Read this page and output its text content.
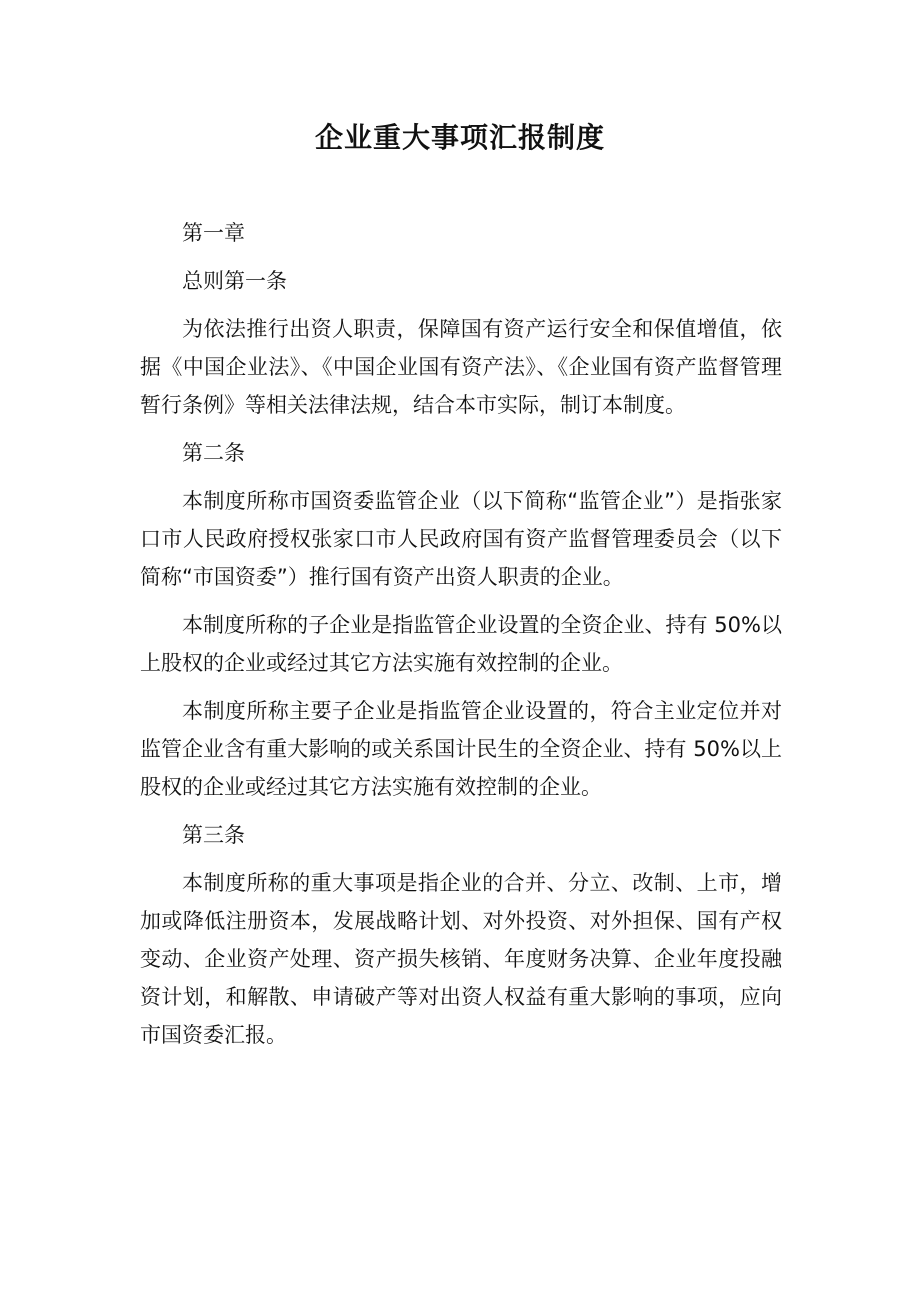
企业重大事项汇报制度

第一章

总则第一条

为依法推行出资人职责，保障国有资产运行安全和保值增值，依据《中国企业法》、《中国企业国有资产法》、《企业国有资产监督管理暂行条例》等相关法律法规，结合本市实际，制订本制度。

第二条

本制度所称市国资委监管企业（以下简称“监管企业”）是指张家口市人民政府授权张家口市人民政府国有资产监督管理委员会（以下简称“市国资委”）推行国有资产出资人职责的企业。

本制度所称的子企业是指监管企业设置的全资企业、持有 50%以上股权的企业或经过其它方法实施有效控制的企业。

本制度所称主要子企业是指监管企业设置的，符合主业定位并对监管企业含有重大影响的或关系国计民生的全资企业、持有 50%以上股权的企业或经过其它方法实施有效控制的企业。

第三条

本制度所称的重大事项是指企业的合并、分立、改制、上市，增加或降低注册资本，发展战略计划、对外投资、对外担保、国有产权变动、企业资产处理、资产损失核销、年度财务决算、企业年度投融资计划，和解散、申请破产等对出资人权益有重大影响的事项，应向市国资委汇报。
